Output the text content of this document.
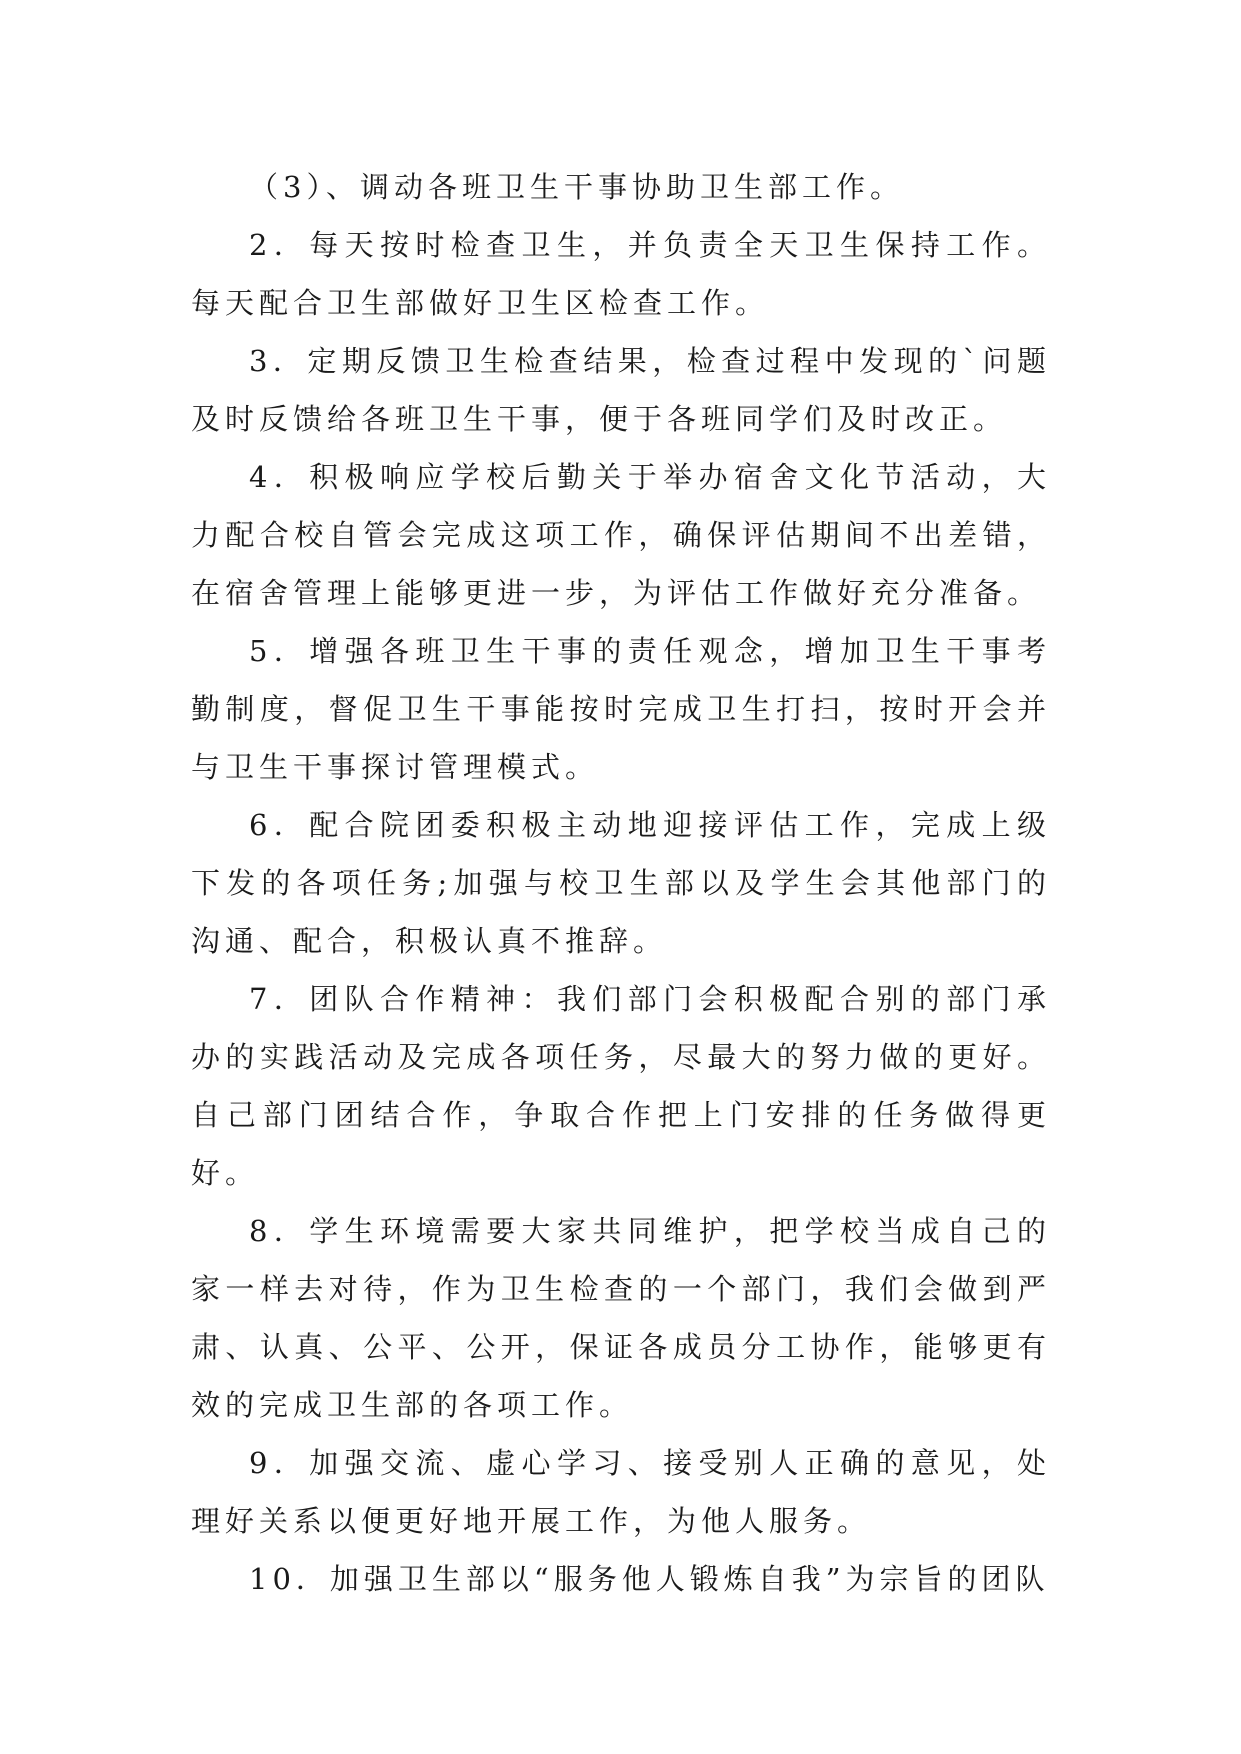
（3）、调动各班卫生干事协助卫生部工作。

2．每天按时检查卫生，并负责全天卫生保持工作。每天配合卫生部做好卫生区检查工作。

3．定期反馈卫生检查结果，检查过程中发现的`问题及时反馈给各班卫生干事，便于各班同学们及时改正。

4．积极响应学校后勤关于举办宿舍文化节活动，大力配合校自管会完成这项工作，确保评估期间不出差错，在宿舍管理上能够更进一步，为评估工作做好充分准备。

5．增强各班卫生干事的责任观念，增加卫生干事考勤制度，督促卫生干事能按时完成卫生打扫，按时开会并与卫生干事探讨管理模式。

6．配合院团委积极主动地迎接评估工作，完成上级下发的各项任务;加强与校卫生部以及学生会其他部门的沟通、配合，积极认真不推辞。

7．团队合作精神：我们部门会积极配合别的部门承办的实践活动及完成各项任务，尽最大的努力做的更好。自己部门团结合作，争取合作把上门安排的任务做得更好。

8．学生环境需要大家共同维护，把学校当成自己的家一样去对待，作为卫生检查的一个部门，我们会做到严肃、认真、公平、公开，保证各成员分工协作，能够更有效的完成卫生部的各项工作。

9．加强交流、虚心学习、接受别人正确的意见，处理好关系以便更好地开展工作，为他人服务。

10．加强卫生部以“服务他人锻炼自我”为宗旨的团队
